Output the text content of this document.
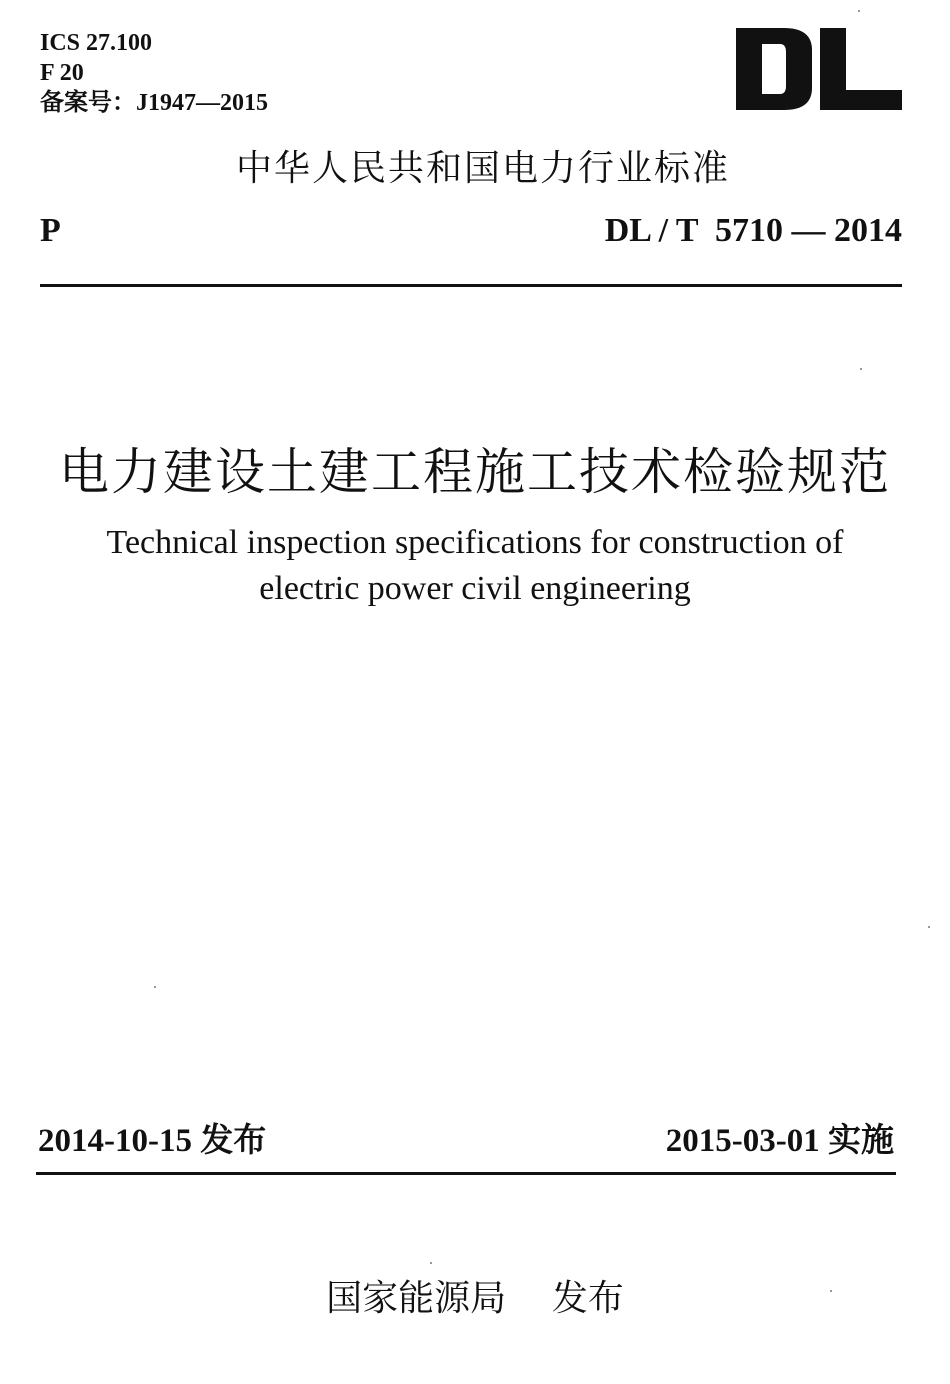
ICS 27.100
F 20
备案号：J1947—2015
中华人民共和国电力行业标准
P	DL / T  5710 — 2014
电力建设土建工程施工技术检验规范
Technical inspection specifications for construction of
electric power civil engineering
2014-10-15 发布	2015-03-01 实施
国家能源局 发布
